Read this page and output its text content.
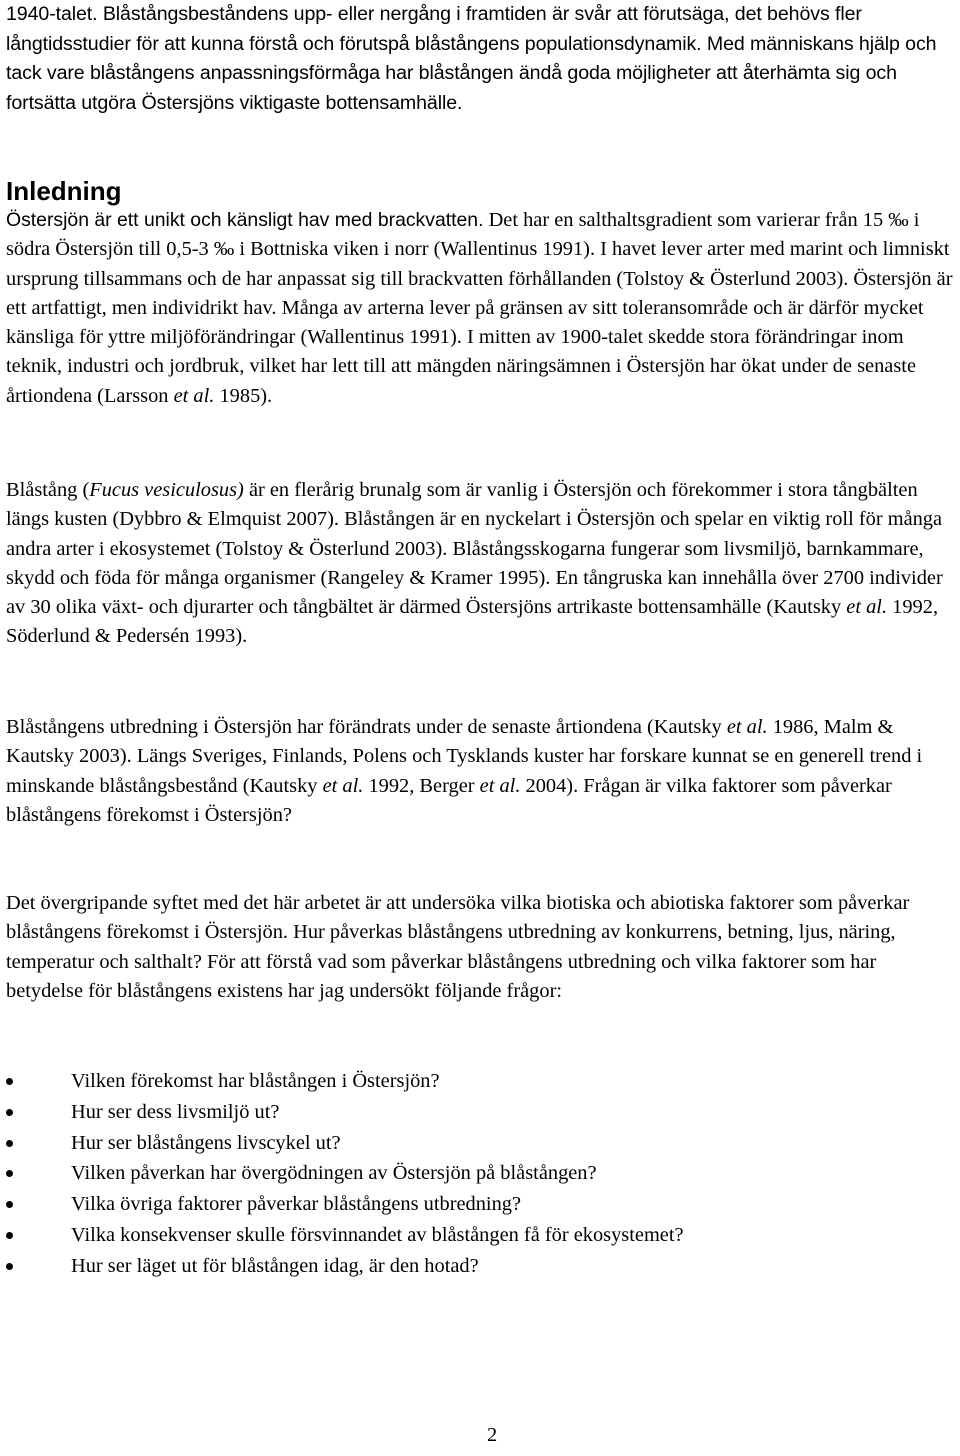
1940-talet. Blåstångsbeståndens upp- eller nergång i framtiden är svår att förutsäga, det behövs fler långtidsstudier för att kunna förstå och förutspå blåstångens populationsdynamik. Med människans hjälp och tack vare blåstångens anpassningsförmåga har blåstången ändå goda möjligheter att återhämta sig och fortsätta utgöra Östersjöns viktigaste bottensamhälle.

Inledning

Östersjön är ett unikt och känsligt hav med brackvatten. Det har en salthaltsgradient som varierar från 15 ‰ i södra Östersjön till 0,5-3 ‰ i Bottniska viken i norr (Wallentinus 1991). I havet lever arter med marint och limniskt ursprung tillsammans och de har anpassat sig till brackvatten förhållanden (Tolstoy & Österlund 2003). Östersjön är ett artfattigt, men individrikt hav. Många av arterna lever på gränsen av sitt toleransområde och är därför mycket känsliga för yttre miljöförändringar (Wallentinus 1991). I mitten av 1900-talet skedde stora förändringar inom teknik, industri och jordbruk, vilket har lett till att mängden näringsämnen i Östersjön har ökat under de senaste årtiondena (Larsson et al. 1985).

Blåstång (Fucus vesiculosus) är en flerårig brunalg som är vanlig i Östersjön och förekommer i stora tångbälten längs kusten (Dybbro & Elmquist 2007). Blåstången är en nyckelart i Östersjön och spelar en viktig roll för många andra arter i ekosystemet (Tolstoy & Österlund 2003). Blåstångsskogarna fungerar som livsmiljö, barnkammare, skydd och föda för många organismer (Rangeley & Kramer 1995). En tångruska kan innehålla över 2700 individer av 30 olika växt- och djurarter och tångbältet är därmed Östersjöns artrikaste bottensamhälle (Kautsky et al. 1992, Söderlund & Pedersén 1993).

Blåstångens utbredning i Östersjön har förändrats under de senaste årtiondena (Kautsky et al. 1986, Malm & Kautsky 2003). Längs Sveriges, Finlands, Polens och Tysklands kuster har forskare kunnat se en generell trend i minskande blåstångsbestånd (Kautsky et al. 1992, Berger et al. 2004). Frågan är vilka faktorer som påverkar blåstångens förekomst i Östersjön?

Det övergripande syftet med det här arbetet är att undersöka vilka biotiska och abiotiska faktorer som påverkar blåstångens förekomst i Östersjön. Hur påverkas blåstångens utbredning av konkurrens, betning, ljus, näring, temperatur och salthalt? För att förstå vad som påverkar blåstångens utbredning och vilka faktorer som har betydelse för blåstångens existens har jag undersökt följande frågor:

Vilken förekomst har blåstången i Östersjön?
Hur ser dess livsmiljö ut?
Hur ser blåstångens livscykel ut?
Vilken påverkan har övergödningen av Östersjön på blåstången?
Vilka övriga faktorer påverkar blåstångens utbredning?
Vilka konsekvenser skulle försvinnandet av blåstången få för ekosystemet?
Hur ser läget ut för blåstången idag, är den hotad?
2
